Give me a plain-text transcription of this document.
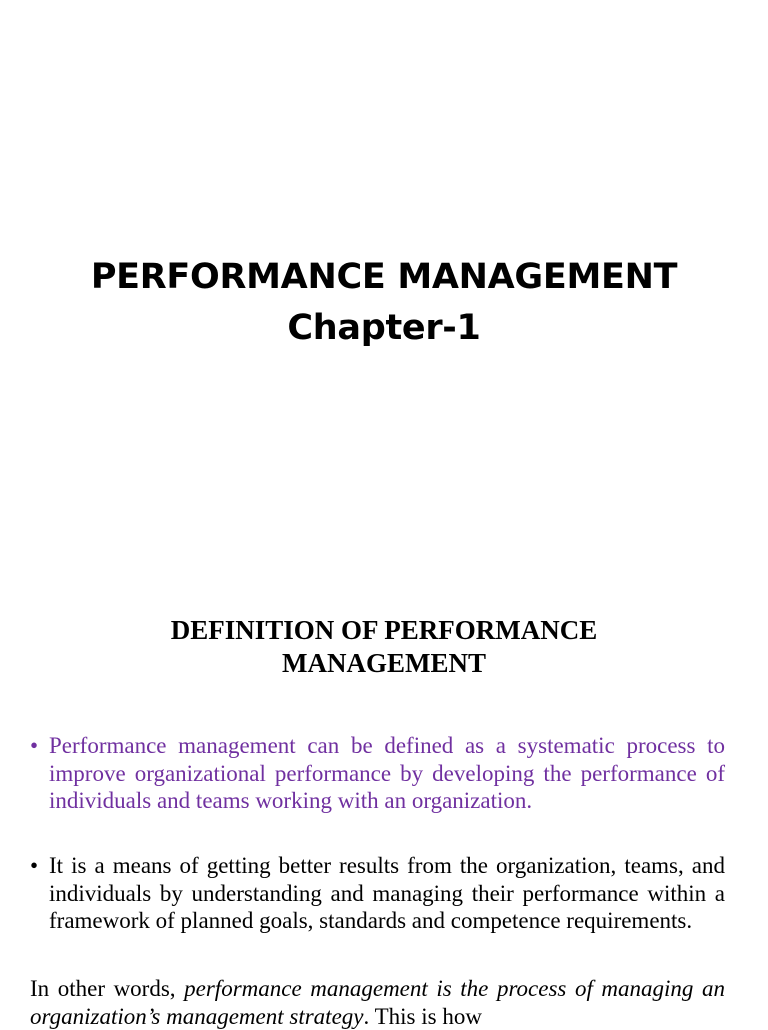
PERFORMANCE MANAGEMENT
Chapter-1
DEFINITION OF PERFORMANCE
MANAGEMENT
• Performance management can be defined as a systematic process to improve organizational performance by developing the performance of individuals and teams working with an organization.
• It is a means of getting better results from the organization, teams, and individuals by understanding and managing their performance within a framework of planned goals, standards and competence requirements.
In other words, performance management is the process of managing an organization’s management strategy. This is how
